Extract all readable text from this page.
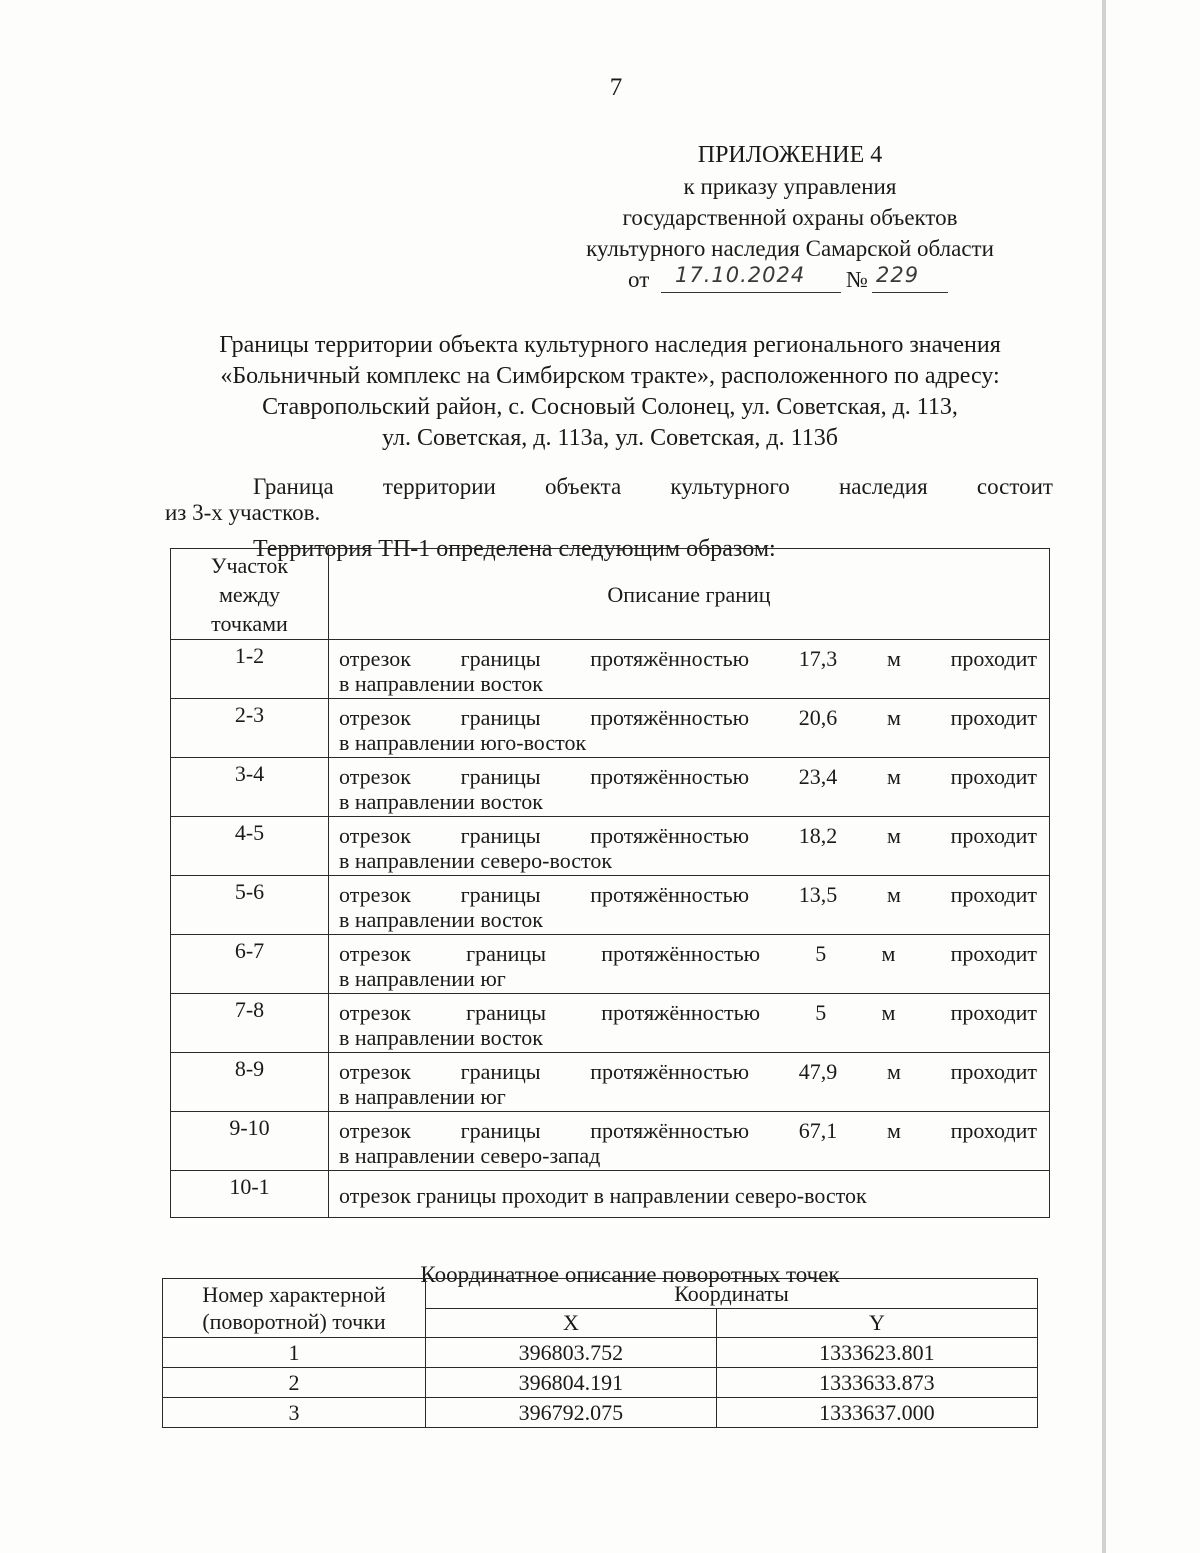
7
ПРИЛОЖЕНИЕ 4
к приказу управления
государственной охраны объектов
культурного наследия Самарской области
от 17.10.2024 № 229
Границы территории объекта культурного наследия регионального значения
«Больничный комплекс на Симбирском тракте», расположенного по адресу:
Ставропольский район, с. Сосновый Солонец, ул. Советская, д. 113,
ул. Советская, д. 113а, ул. Советская, д. 113б
Граница территории объекта культурного наследия состоит
из 3-х участков.
Территория ТП-1 определена следующим образом:
Участок
между
точками	Описание границ
1-2	отрезок границы протяжённостью 17,3 м проходит
в направлении восток

2-3	отрезок границы протяжённостью 20,6 м проходит
в направлении юго-восток

3-4	отрезок границы протяжённостью 23,4 м проходит
в направлении восток

4-5	отрезок границы протяжённостью 18,2 м проходит
в направлении северо-восток

5-6	отрезок границы протяжённостью 13,5 м проходит
в направлении восток

6-7	отрезок границы протяжённостью 5 м проходит
в направлении юг

7-8	отрезок границы протяжённостью 5 м проходит
в направлении восток

8-9	отрезок границы протяжённостью 47,9 м проходит
в направлении юг

9-10	отрезок границы протяжённостью 67,1 м проходит
в направлении северо-запад

10-1	отрезок границы проходит в направлении северо-восток
Координатное описание поворотных точек
Номер характерной
(поворотной) точки	Координаты	
	X	Y
1	396803.752	1333623.801
2	396804.191	1333633.873
3	396792.075	1333637.000
